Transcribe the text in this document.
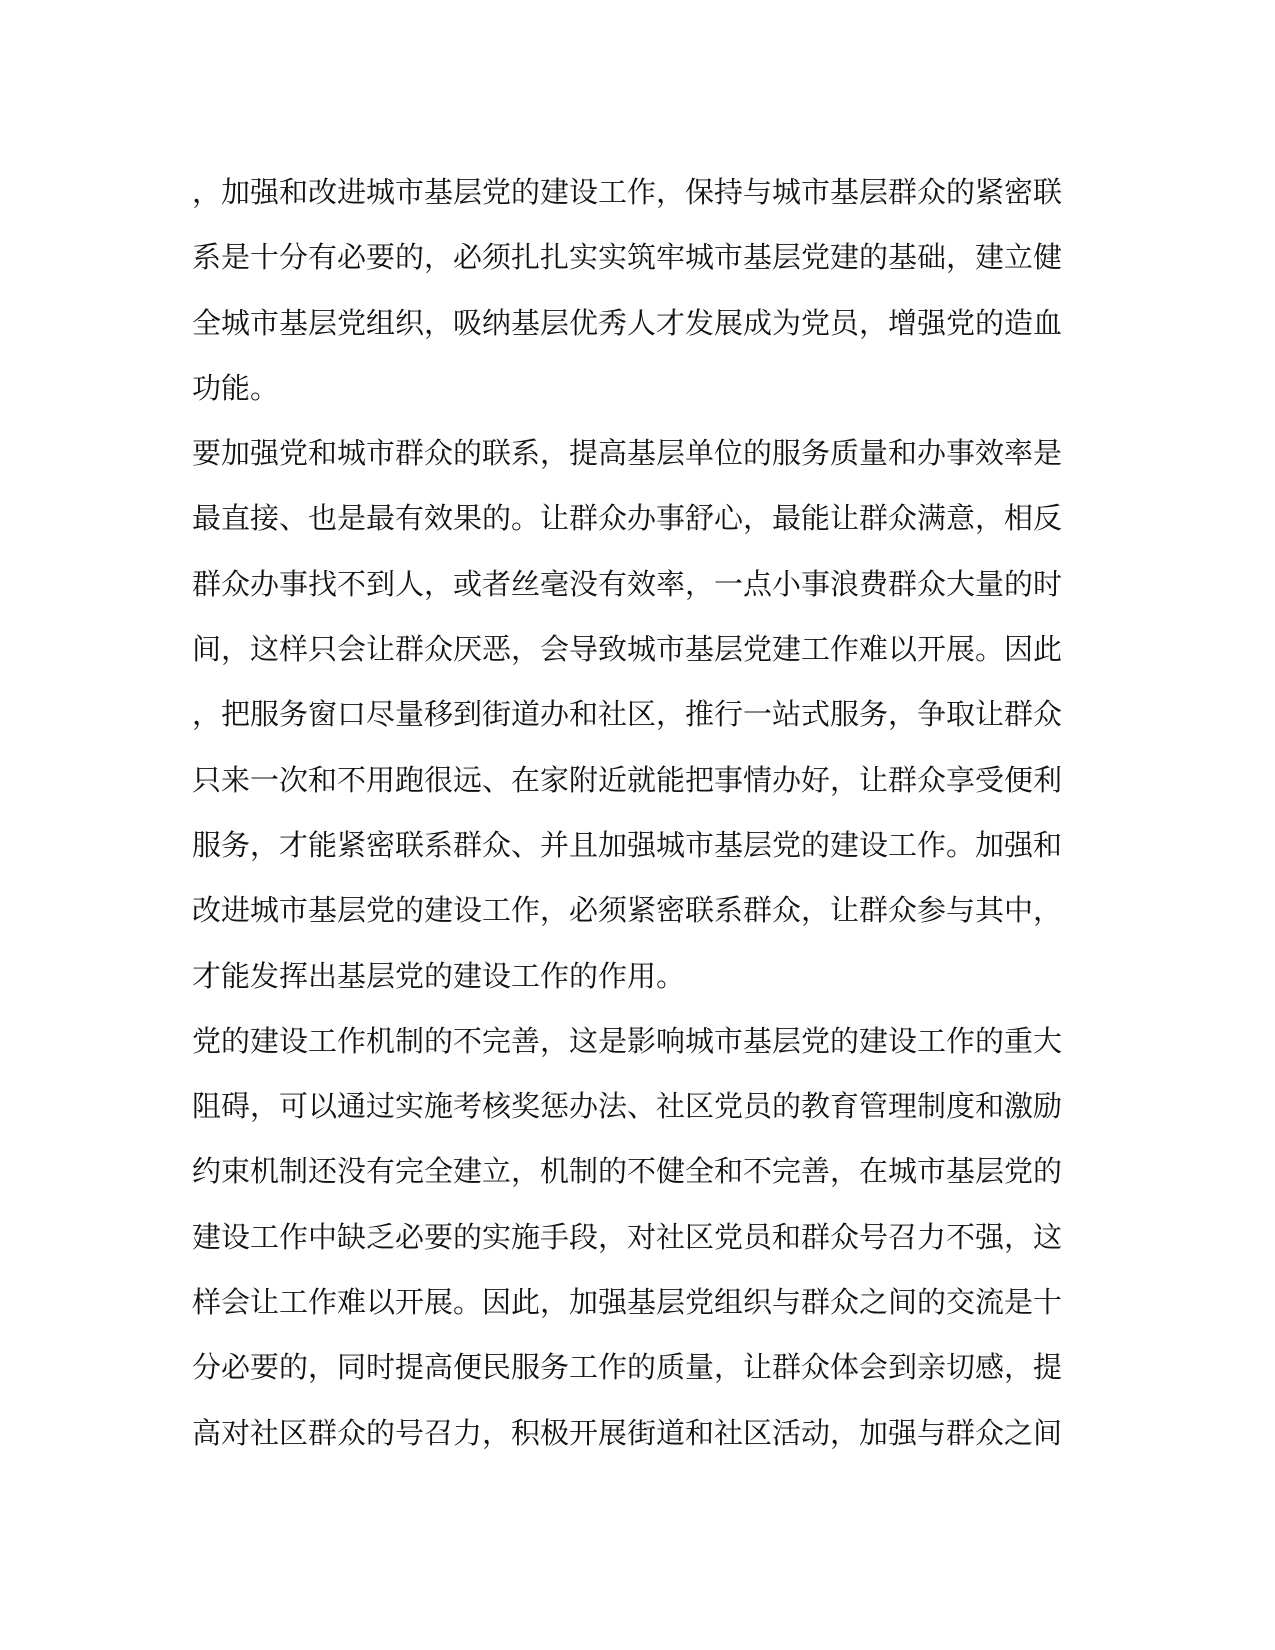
，加强和改进城市基层党的建设工作，保持与城市基层群众的紧密联
系是十分有必要的，必须扎扎实实筑牢城市基层党建的基础，建立健
全城市基层党组织，吸纳基层优秀人才发展成为党员，增强党的造血
功能。
要加强党和城市群众的联系，提高基层单位的服务质量和办事效率是
最直接、也是最有效果的。让群众办事舒心，最能让群众满意，相反
群众办事找不到人，或者丝毫没有效率，一点小事浪费群众大量的时
间，这样只会让群众厌恶，会导致城市基层党建工作难以开展。因此
，把服务窗口尽量移到街道办和社区，推行一站式服务，争取让群众
只来一次和不用跑很远、在家附近就能把事情办好，让群众享受便利
服务，才能紧密联系群众、并且加强城市基层党的建设工作。加强和
改进城市基层党的建设工作，必须紧密联系群众，让群众参与其中，
才能发挥出基层党的建设工作的作用。
党的建设工作机制的不完善，这是影响城市基层党的建设工作的重大
阻碍，可以通过实施考核奖惩办法、社区党员的教育管理制度和激励
约束机制还没有完全建立，机制的不健全和不完善，在城市基层党的
建设工作中缺乏必要的实施手段，对社区党员和群众号召力不强，这
样会让工作难以开展。因此，加强基层党组织与群众之间的交流是十
分必要的，同时提高便民服务工作的质量，让群众体会到亲切感，提
高对社区群众的号召力，积极开展街道和社区活动，加强与群众之间
